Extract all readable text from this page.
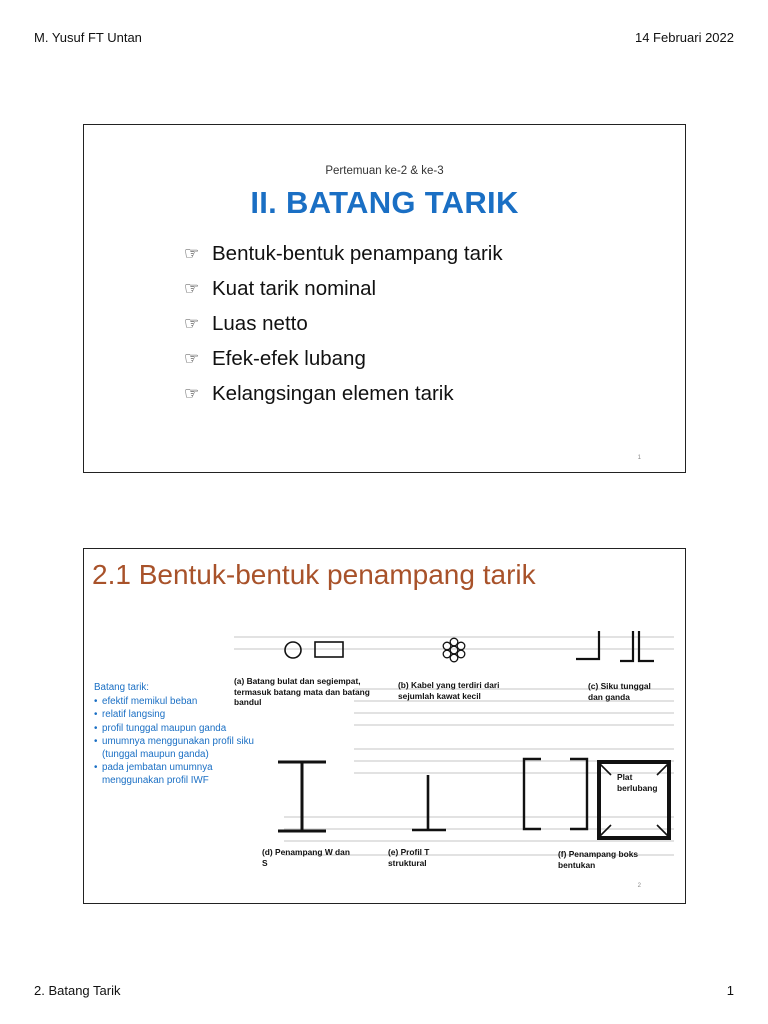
M. Yusuf FT Untan	14 Februari 2022
Pertemuan ke-2 & ke-3
II. BATANG TARIK
☞ Bentuk-bentuk penampang tarik
☞ Kuat tarik nominal
☞ Luas netto
☞ Efek-efek lubang
☞ Kelangsingan elemen tarik
1
2.1 Bentuk-bentuk penampang tarik
Batang tarik:
• efektif memikul beban
• relatif langsing
• profil tunggal maupun ganda
• umumnya menggunakan profil siku (tunggal maupun ganda)
• pada jembatan umumnya menggunakan profil IWF
(a) Batang bulat dan segiempat, termasuk batang mata dan batang bandul
(b) Kabel yang terdiri dari sejumlah kawat kecil
(c) Siku tunggal dan ganda
(d) Penampang W dan S
(e) Profil T struktural
(f) Penampang boks bentukan
Plat berlubang
2
2. Batang Tarik	1
